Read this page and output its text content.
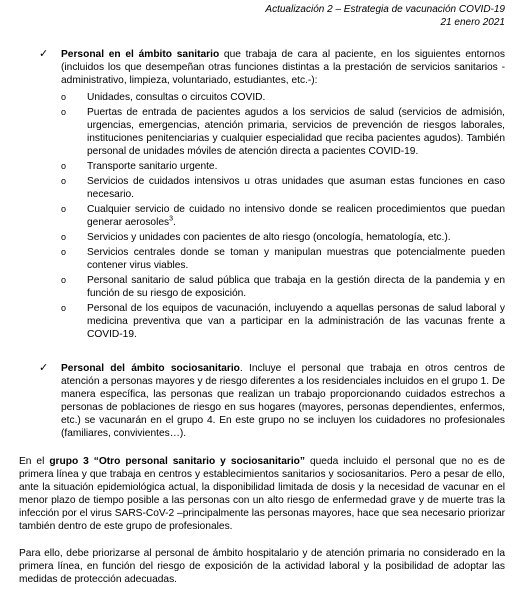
Actualización 2 – Estrategia de vacunación COVID-19
21 enero 2021
✓ Personal en el ámbito sanitario que trabaja de cara al paciente, en los siguientes entornos (incluidos los que desempeñan otras funciones distintas a la prestación de servicios sanitarios -administrativo, limpieza, voluntariado, estudiantes, etc.-):
o Unidades, consultas o circuitos COVID.
o Puertas de entrada de pacientes agudos a los servicios de salud (servicios de admisión, urgencias, emergencias, atención primaria, servicios de prevención de riesgos laborales, instituciones penitenciarias y cualquier especialidad que reciba pacientes agudos). También personal de unidades móviles de atención directa a pacientes COVID-19.
o Transporte sanitario urgente.
o Servicios de cuidados intensivos u otras unidades que asuman estas funciones en caso necesario.
o Cualquier servicio de cuidado no intensivo donde se realicen procedimientos que puedan generar aerosoles$^3$.
o Servicios y unidades con pacientes de alto riesgo (oncología, hematología, etc.).
o Servicios centrales donde se toman y manipulan muestras que potencialmente pueden contener virus viables.
o Personal sanitario de salud pública que trabaja en la gestión directa de la pandemia y en función de su riesgo de exposición.
o Personal de los equipos de vacunación, incluyendo a aquellas personas de salud laboral y medicina preventiva que van a participar en la administración de las vacunas frente a COVID-19.
✓ Personal del ámbito sociosanitario. Incluye el personal que trabaja en otros centros de atención a personas mayores y de riesgo diferentes a los residenciales incluidos en el grupo 1. De manera específica, las personas que realizan un trabajo proporcionando cuidados estrechos a personas de poblaciones de riesgo en sus hogares (mayores, personas dependientes, enfermos, etc.) se vacunarán en el grupo 4. En este grupo no se incluyen los cuidadores no profesionales (familiares, convivientes…).
En el grupo 3 “Otro personal sanitario y sociosanitario” queda incluido el personal que no es de primera línea y que trabaja en centros y establecimientos sanitarios y sociosanitarios. Pero a pesar de ello, ante la situación epidemiológica actual, la disponibilidad limitada de dosis y la necesidad de vacunar en el menor plazo de tiempo posible a las personas con un alto riesgo de enfermedad grave y de muerte tras la infección por el virus SARS-CoV-2 –principalmente las personas mayores, hace que sea necesario priorizar también dentro de este grupo de profesionales.
Para ello, debe priorizarse al personal de ámbito hospitalario y de atención primaria no considerado en la primera línea, en función del riesgo de exposición de la actividad laboral y la posibilidad de adoptar las medidas de protección adecuadas.
